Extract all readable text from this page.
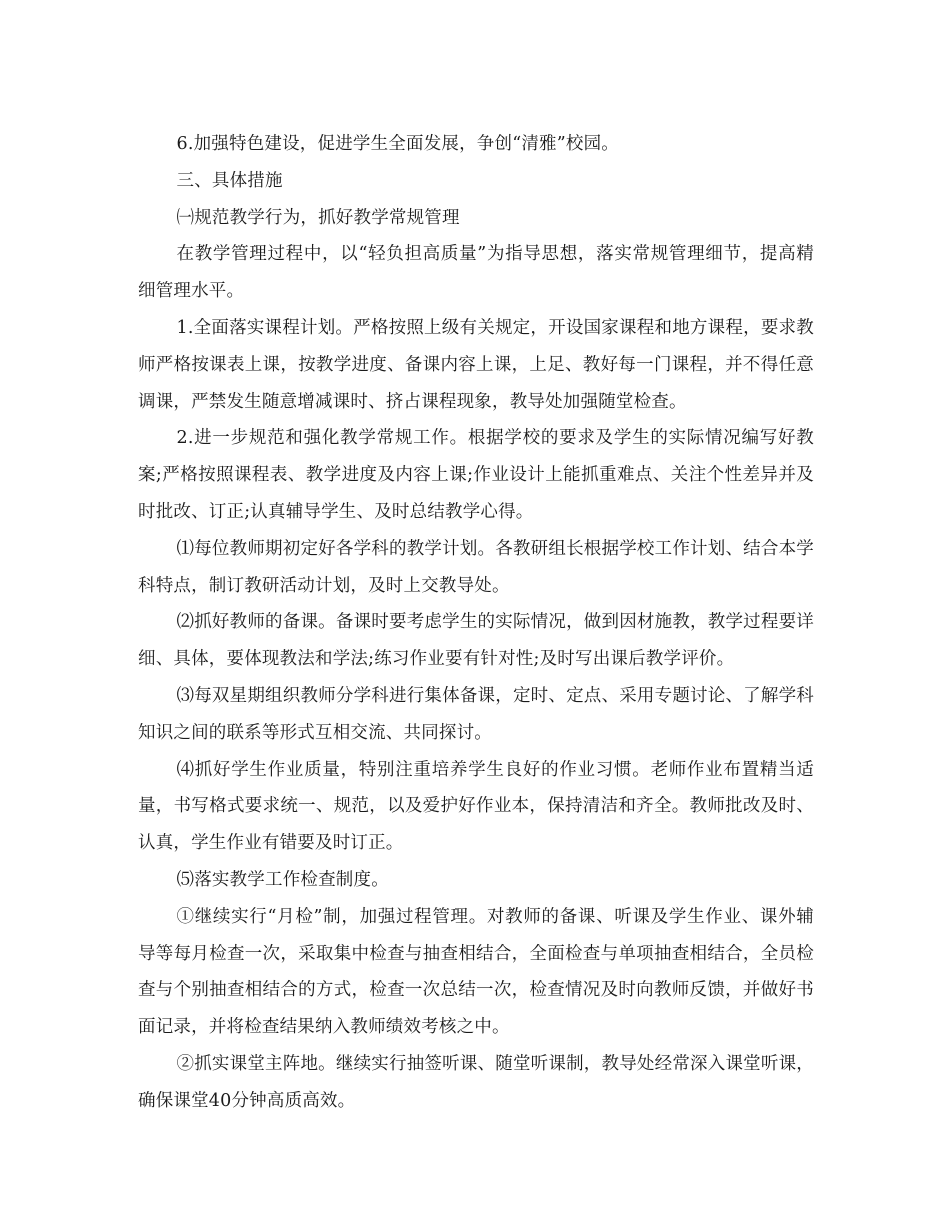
6.加强特色建设，促进学生全面发展，争创“清雅”校园。

三、具体措施

㈠规范教学行为，抓好教学常规管理

在教学管理过程中，以“轻负担高质量”为指导思想，落实常规管理细节，提高精细管理水平。

1.全面落实课程计划。严格按照上级有关规定，开设国家课程和地方课程，要求教师严格按课表上课，按教学进度、备课内容上课，上足、教好每一门课程，并不得任意调课，严禁发生随意增减课时、挤占课程现象，教导处加强随堂检查。

2.进一步规范和强化教学常规工作。根据学校的要求及学生的实际情况编写好教案;严格按照课程表、教学进度及内容上课;作业设计上能抓重难点、关注个性差异并及时批改、订正;认真辅导学生、及时总结教学心得。

⑴每位教师期初定好各学科的教学计划。各教研组长根据学校工作计划、结合本学科特点，制订教研活动计划，及时上交教导处。

⑵抓好教师的备课。备课时要考虑学生的实际情况，做到因材施教，教学过程要详细、具体，要体现教法和学法;练习作业要有针对性;及时写出课后教学评价。

⑶每双星期组织教师分学科进行集体备课，定时、定点、采用专题讨论、了解学科知识之间的联系等形式互相交流、共同探讨。

⑷抓好学生作业质量，特别注重培养学生良好的作业习惯。老师作业布置精当适量，书写格式要求统一、规范，以及爱护好作业本，保持清洁和齐全。教师批改及时、认真，学生作业有错要及时订正。

⑸落实教学工作检查制度。

①继续实行“月检”制，加强过程管理。对教师的备课、听课及学生作业、课外辅导等每月检查一次，采取集中检查与抽查相结合，全面检查与单项抽查相结合，全员检查与个别抽查相结合的方式，检查一次总结一次，检查情况及时向教师反馈，并做好书面记录，并将检查结果纳入教师绩效考核之中。

②抓实课堂主阵地。继续实行抽签听课、随堂听课制，教导处经常深入课堂听课，确保课堂40分钟高质高效。
